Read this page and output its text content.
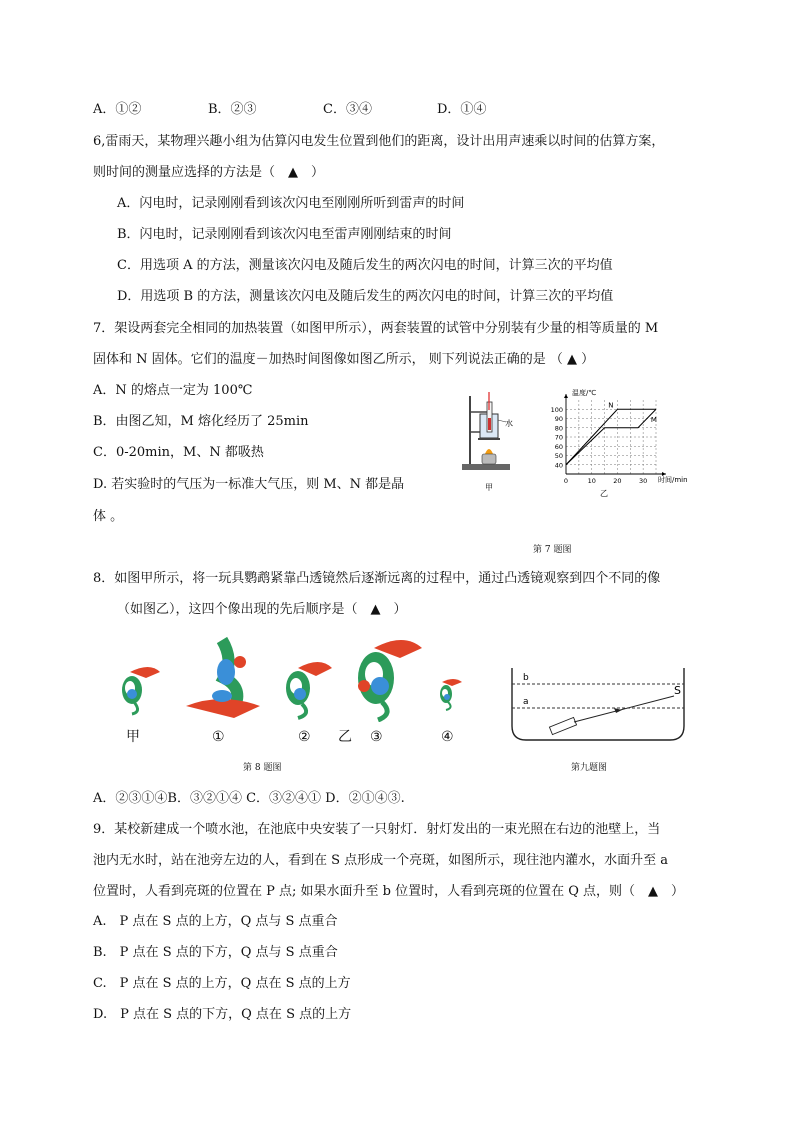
A．①②	B．②③	C．③④	D．①④
6,雷雨天，某物理兴趣小组为估算闪电发生位置到他们的距离，设计出用声速乘以时间的估算方案，
则时间的测量应选择的方法是（　▲　）
A．闪电时，记录刚刚看到该次闪电至刚刚所听到雷声的时间
B．闪电时，记录刚刚看到该次闪电至雷声刚刚结束的时间
C．用选项 A 的方法，测量该次闪电及随后发生的两次闪电的时间，计算三次的平均值
D．用选项 B 的方法，测量该次闪电及随后发生的两次闪电的时间，计算三次的平均值
7．架设两套完全相同的加热装置（如图甲所示），两套装置的试管中分别装有少量的相等质量的 M
固体和 N 固体。它们的温度－加热时间图像如图乙所示， 则下列说法正确的是 （ ▲ ）
A．N 的熔点一定为 100℃
B．由图乙知，M 熔化经历了 25min
C．0-20min，M、N 都吸热
D. 若实验时的气压为一标准大气压，则 M、N 都是晶
体 。
水
甲
40
50
60
70
80
90
100
0	10	20	30
N
M
温度/℃
时间/min
乙
第 7 题图
8．如图甲所示，将一玩具鹦鹉紧靠凸透镜然后逐渐远离的过程中，通过凸透镜观察到四个不同的像
（如图乙），这四个像出现的先后顺序是（　▲　）
甲	①	② 乙 ③	④
第 8 题图
b
a
S
第九题图
A．②③①④B．③②①④ C．③②④① D．②①④③.
9．某校新建成一个喷水池，在池底中央安装了一只射灯．射灯发出的一束光照在右边的池壁上，当
池内无水时，站在池旁左边的人，看到在 S 点形成一个亮斑，如图所示，现往池内灌水，水面升至 a
位置时，人看到亮斑的位置在 P 点; 如果水面升至 b 位置时，人看到亮斑的位置在 Q 点，则（　▲　）
A.　P 点在 S 点的上方，Q 点与 S 点重合
B.　P 点在 S 点的下方，Q 点与 S 点重合
C.　P 点在 S 点的上方，Q 点在 S 点的上方
D.　P 点在 S 点的下方，Q 点在 S 点的上方
